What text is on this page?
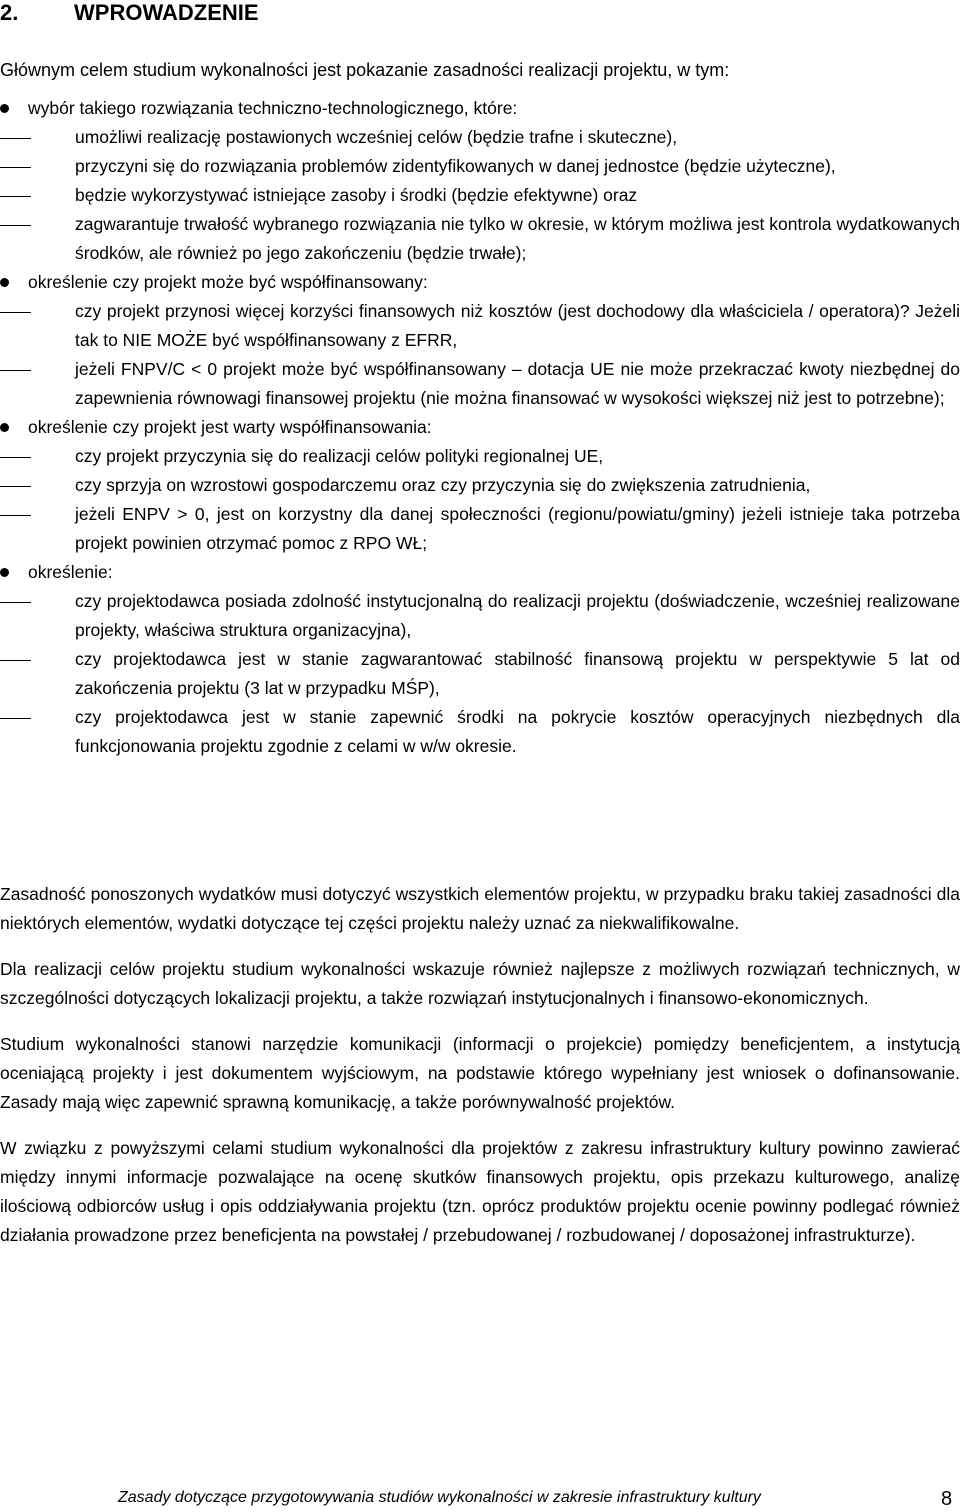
2.	WPROWADZENIE
Głównym celem studium wykonalności jest pokazanie zasadności realizacji projektu, w tym:
wybór takiego rozwiązania techniczno-technologicznego, które:
umożliwi realizację postawionych wcześniej celów (będzie trafne i skuteczne),
przyczyni się do rozwiązania problemów zidentyfikowanych w danej jednostce (będzie użyteczne),
będzie wykorzystywać istniejące zasoby i środki (będzie efektywne) oraz
zagwarantuje trwałość wybranego rozwiązania nie tylko w okresie, w którym możliwa jest kontrola wydatkowanych środków, ale również po jego zakończeniu (będzie trwałe);
określenie czy projekt może być współfinansowany:
czy projekt przynosi więcej korzyści finansowych niż kosztów (jest dochodowy dla właściciela / operatora)? Jeżeli tak to NIE MOŻE być współfinansowany z EFRR,
jeżeli FNPV/C < 0 projekt może być współfinansowany – dotacja UE nie może przekraczać kwoty niezbędnej do zapewnienia równowagi finansowej projektu (nie można finansować w wysokości większej niż jest to potrzebne);
określenie czy projekt jest warty współfinansowania:
czy projekt przyczynia się do realizacji celów polityki regionalnej UE,
czy sprzyja on wzrostowi gospodarczemu oraz czy przyczynia się do zwiększenia zatrudnienia,
jeżeli ENPV > 0, jest on korzystny dla danej społeczności (regionu/powiatu/gminy) jeżeli istnieje taka potrzeba projekt powinien otrzymać pomoc z RPO WŁ;
określenie:
czy projektodawca posiada zdolność instytucjonalną do realizacji projektu (doświadczenie, wcześniej realizowane projekty, właściwa struktura organizacyjna),
czy projektodawca jest w stanie zagwarantować stabilność finansową projektu w perspektywie 5 lat od zakończenia projektu (3 lat w przypadku MŚP),
czy projektodawca jest w stanie zapewnić środki na pokrycie kosztów operacyjnych niezbędnych dla funkcjonowania projektu zgodnie z celami w w/w okresie.

Zasadność ponoszonych wydatków musi dotyczyć wszystkich elementów projektu, w przypadku braku takiej zasadności dla niektórych elementów, wydatki dotyczące tej części projektu należy uznać za niekwalifikowalne.

Dla realizacji celów projektu studium wykonalności wskazuje również najlepsze z możliwych rozwiązań technicznych, w szczególności dotyczących lokalizacji projektu, a także rozwiązań instytucjonalnych i finansowo-ekonomicznych.

Studium wykonalności stanowi narzędzie komunikacji (informacji o projekcie) pomiędzy beneficjentem, a instytucją oceniającą projekty i jest dokumentem wyjściowym, na podstawie którego wypełniany jest wniosek o dofinansowanie. Zasady mają więc zapewnić sprawną komunikację, a także porównywalność projektów.

W związku z powyższymi celami studium wykonalności dla projektów z zakresu infrastruktury kultury powinno zawierać między innymi informacje pozwalające na ocenę skutków finansowych projektu, opis przekazu kulturowego, analizę ilościową odbiorców usług i opis oddziaływania projektu (tzn. oprócz produktów projektu ocenie powinny podlegać również działania prowadzone przez beneficjenta na powstałej / przebudowanej / rozbudowanej / doposażonej infrastrukturze).

Zasady dotyczące przygotowywania studiów wykonalności w zakresie infrastruktury kultury	8
